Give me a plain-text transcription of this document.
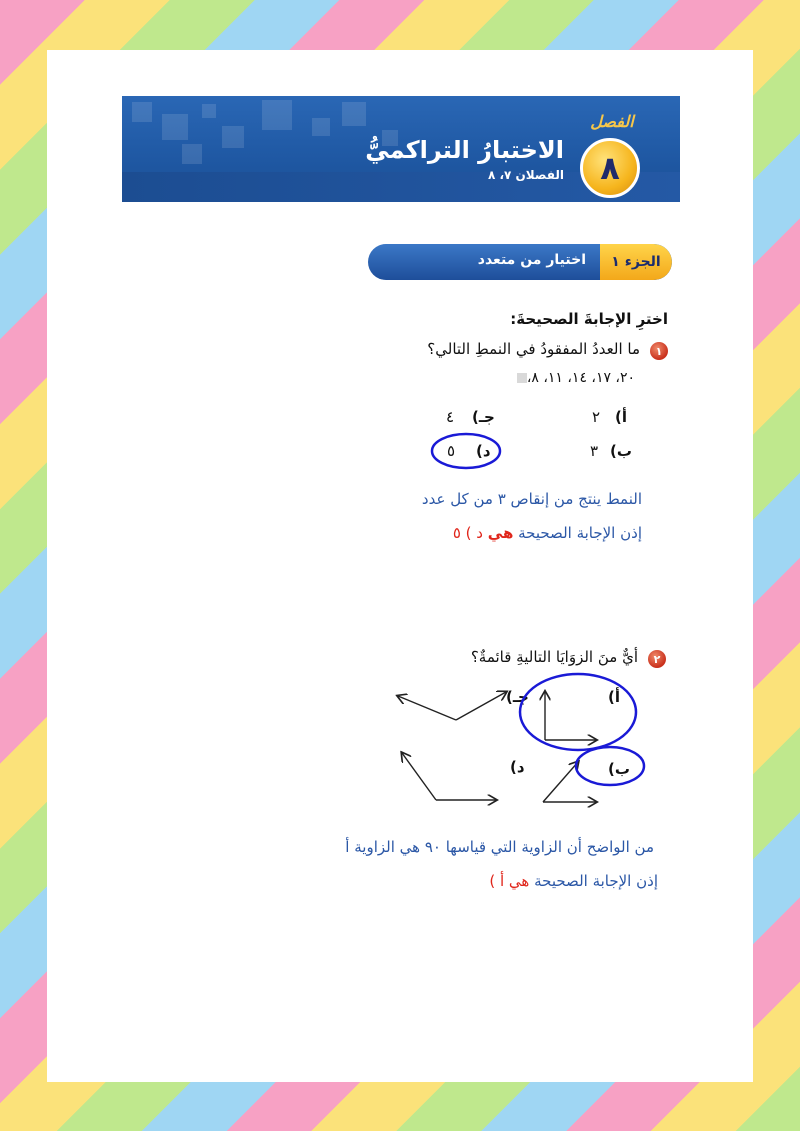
الفصل
٨
الاختبارُ التراكميُّ
الفصلان ٧، ٨
الجزء ١
اختيار من متعدد
اخترِ الإجابةَ الصحيحةَ:
١
ما العددُ المفقودُ في النمطِ التالي؟
٢٠، ١٧، ١٤، ١١، ٨،
أ)
٢
ب)
٣
جـ)
٤
د)
٥
النمط ينتج من إنقاص ٣ من كل عدد
إذن الإجابة الصحيحة هي د ) ٥
٢
أيٌّ منَ الزوَايَا التاليةِ قائمةٌ؟
أ)
ب)
جـ)
د)
من الواضح أن الزاوية التي قياسها ٩٠ هي الزاوية أ
إذن الإجابة الصحيحة هي أ )
